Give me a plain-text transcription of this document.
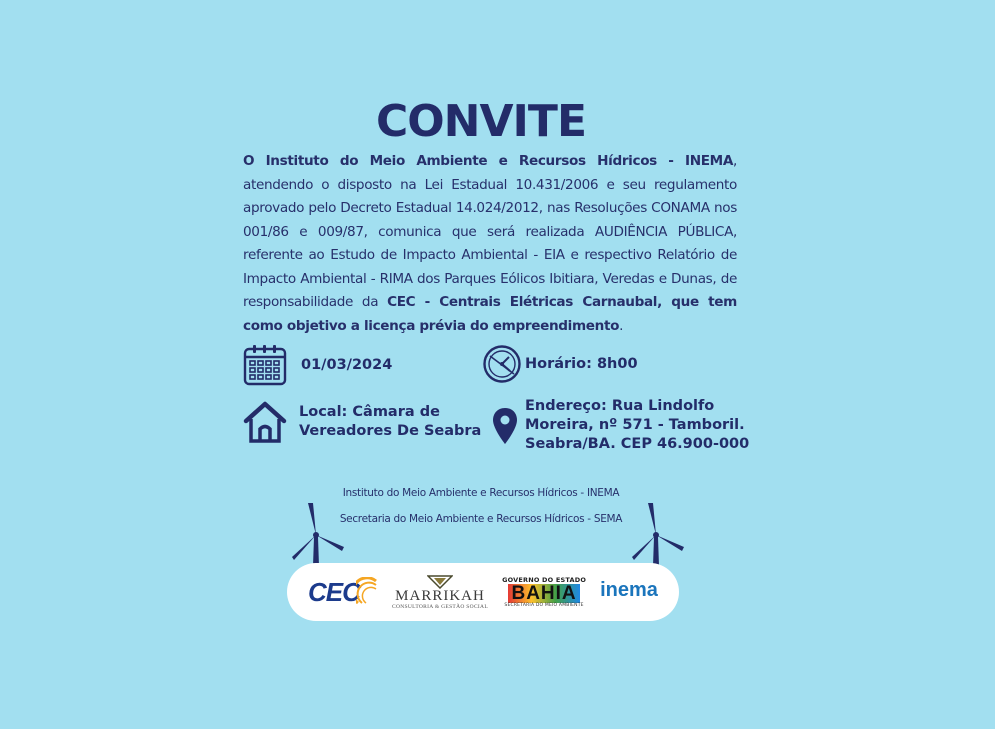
CONVITE
O Instituto do Meio Ambiente e Recursos Hídricos - INEMA, atendendo o disposto na Lei Estadual 10.431/2006 e seu regulamento aprovado pelo Decreto Estadual 14.024/2012, nas Resoluções CONAMA nos 001/86 e 009/87, comunica que será realizada AUDIÊNCIA PÚBLICA, referente ao Estudo de Impacto Ambiental - EIA e respectivo Relatório de Impacto Ambiental - RIMA dos Parques Eólicos Ibitiara, Veredas e Dunas, de responsabilidade da CEC - Centrais Elétricas Carnaubal, que tem como objetivo a licença prévia do empreendimento.
01/03/2024	Horário: 8h00
Local: Câmara de
Vereadores De Seabra
Endereço: Rua Lindolfo
Moreira, nº 571 - Tamboril.
Seabra/BA. CEP 46.900-000
Instituto do Meio Ambiente e Recursos Hídricos - INEMA
Secretaria do Meio Ambiente e Recursos Hídricos - SEMA
CEC MARRIKAH
CONSULTORIA & GESTÃO SOCIAL
GOVERNO DO ESTADO
BAHIA
SECRETARIA DO MEIO AMBIENTE
inema
